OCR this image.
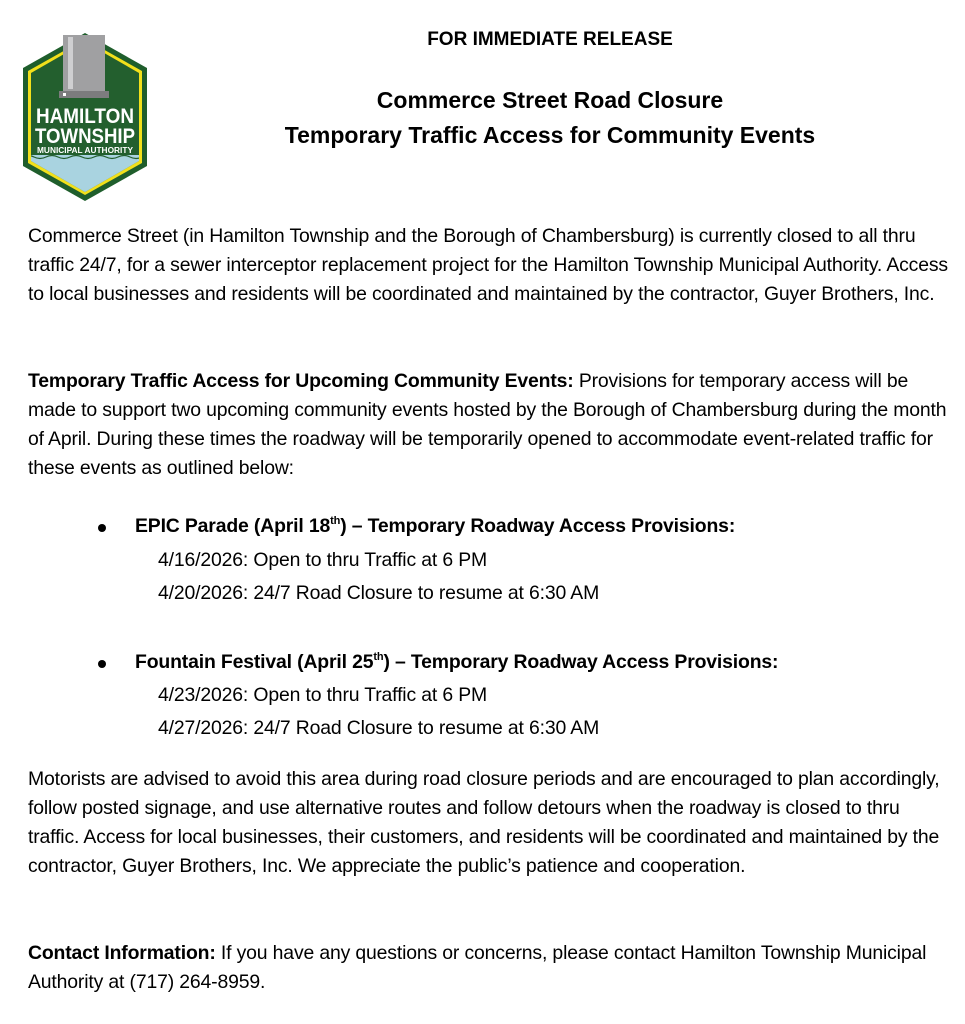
HAMILTON
TOWNSHIP
MUNICIPAL AUTHORITY
FOR IMMEDIATE RELEASE
Commerce Street Road Closure
Temporary Traffic Access for Community Events
Commerce Street (in Hamilton Township and the Borough of Chambersburg) is currently closed to all thru traffic 24/7, for a sewer interceptor replacement project for the Hamilton Township Municipal Authority. Access to local businesses and residents will be coordinated and maintained by the contractor, Guyer Brothers, Inc.
Temporary Traffic Access for Upcoming Community Events: Provisions for temporary access will be made to support two upcoming community events hosted by the Borough of Chambersburg during the month of April. During these times the roadway will be temporarily opened to accommodate event-related traffic for these events as outlined below:
EPIC Parade (April 18th) – Temporary Roadway Access Provisions:
4/16/2026: Open to thru Traffic at 6 PM
4/20/2026: 24/7 Road Closure to resume at 6:30 AM
Fountain Festival (April 25th) – Temporary Roadway Access Provisions:
4/23/2026: Open to thru Traffic at 6 PM
4/27/2026: 24/7 Road Closure to resume at 6:30 AM
Motorists are advised to avoid this area during road closure periods and are encouraged to plan accordingly, follow posted signage, and use alternative routes and follow detours when the roadway is closed to thru traffic. Access for local businesses, their customers, and residents will be coordinated and maintained by the contractor, Guyer Brothers, Inc. We appreciate the public’s patience and cooperation.
Contact Information: If you have any questions or concerns, please contact Hamilton Township Municipal Authority at (717) 264-8959.
